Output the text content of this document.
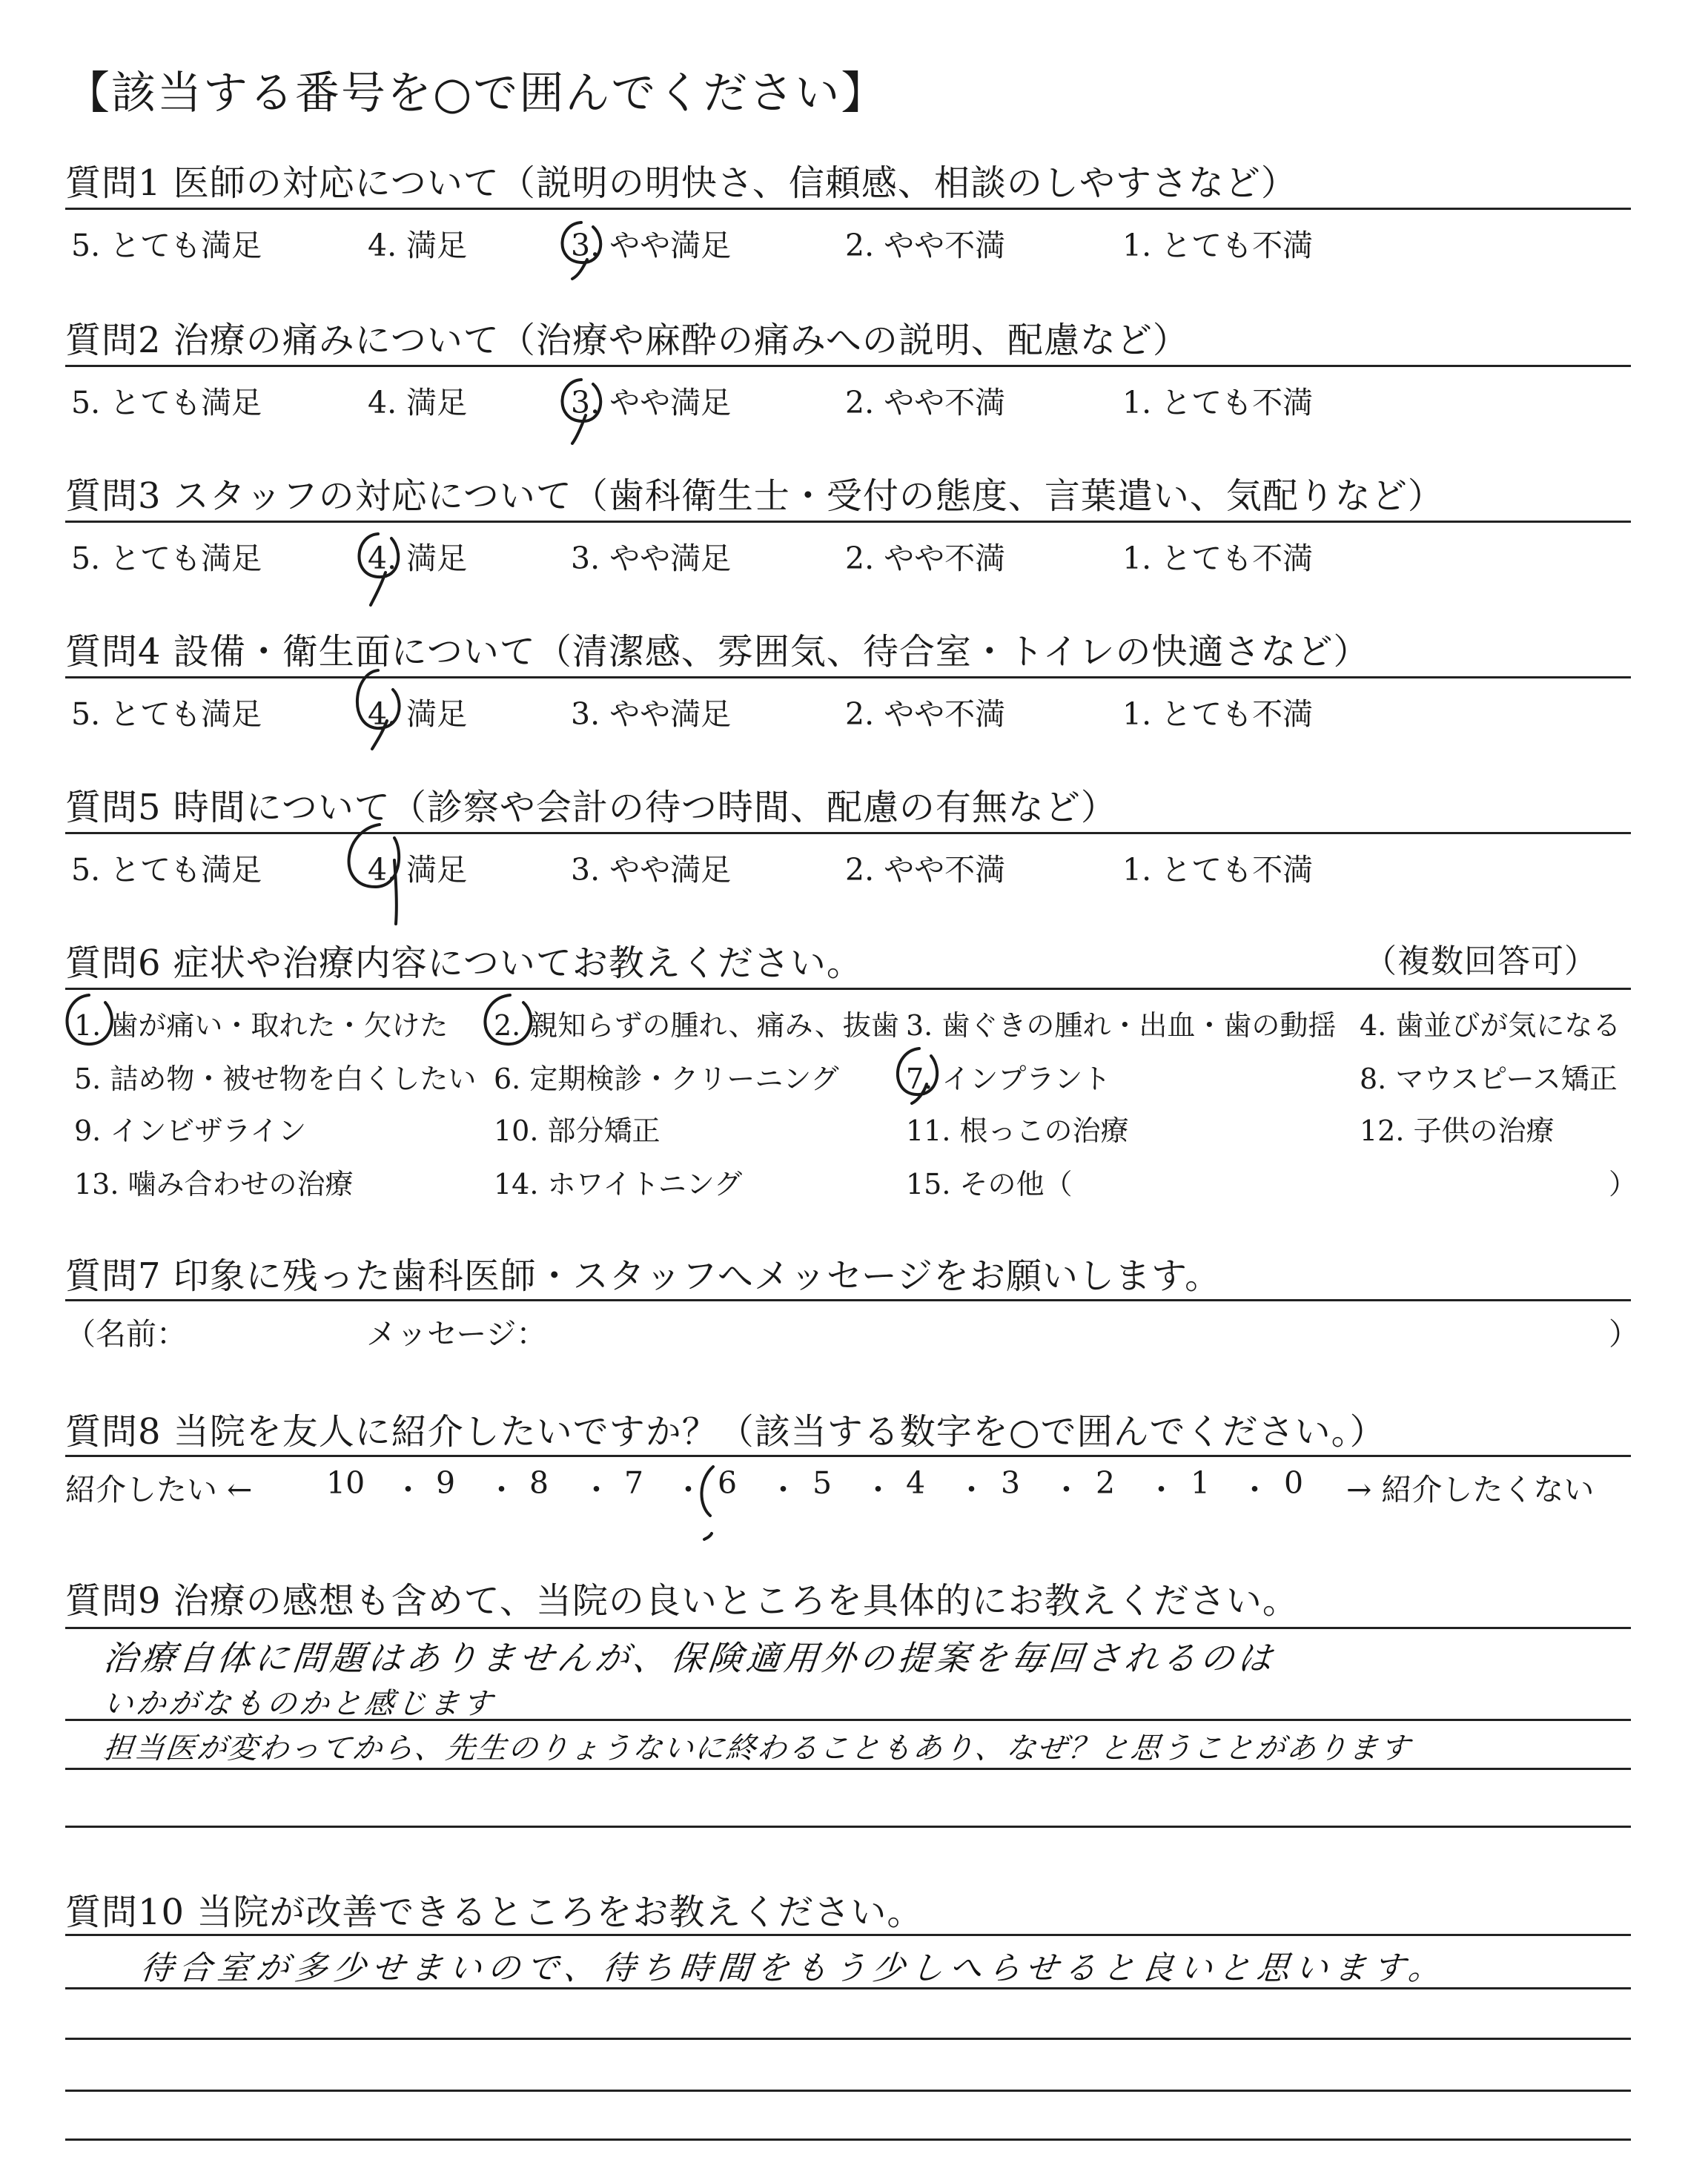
【該当する番号を○で囲んでください】
質問1 医師の対応について（説明の明快さ、信頼感、相談のしやすさなど）
5. とても満足	4. 満足	3. やや満足	2. やや不満	1. とても不満
質問2 治療の痛みについて（治療や麻酔の痛みへの説明、配慮など）
5. とても満足	4. 満足	3. やや満足	2. やや不満	1. とても不満
質問3 スタッフの対応について（歯科衛生士・受付の態度、言葉遣い、気配りなど）
5. とても満足	4. 満足	3. やや満足	2. やや不満	1. とても不満
質問4 設備・衛生面について（清潔感、雰囲気、待合室・トイレの快適さなど）
5. とても満足	4. 満足	3. やや満足	2. やや不満	1. とても不満
質問5 時間について（診察や会計の待つ時間、配慮の有無など）
5. とても満足	4. 満足	3. やや満足	2. やや不満	1. とても不満
質問6 症状や治療内容についてお教えください。	（複数回答可）
1. 歯が痛い・取れた・欠けた 2. 親知らずの腫れ、痛み、抜歯 3. 歯ぐきの腫れ・出血・歯の動揺 4. 歯並びが気になる
5. 詰め物・被せ物を白くしたい 6. 定期検診・クリーニング 7. インプラント	8. マウスピース矯正
9. インビザライン	10. 部分矯正	11. 根っこの治療	12. 子供の治療
13. 噛み合わせの治療	14. ホワイトニング	15. その他（	）
質問7 印象に残った歯科医師・スタッフへメッセージをお願いします。
（名前：	メッセージ：	）
質問8 当院を友人に紹介したいですか？（該当する数字を○で囲んでください。）
紹介したい ← 10 9 8 7 6 5 4 3 2 1 0 → 紹介したくない
・ ・ ・ ・ ・ ・ ・ ・ ・ ・
質問9 治療の感想も含めて、当院の良いところを具体的にお教えください。
治療自体に問題はありませんが、保険適用外の提案を毎回されるのは
いかがなものかと感じます
担当医が変わってから、先生のりょうないに終わることもあり、なぜ？と思うことがあります
質問10 当院が改善できるところをお教えください。
待合室が多少せまいので、待ち時間をもう少しへらせると良いと思います。
